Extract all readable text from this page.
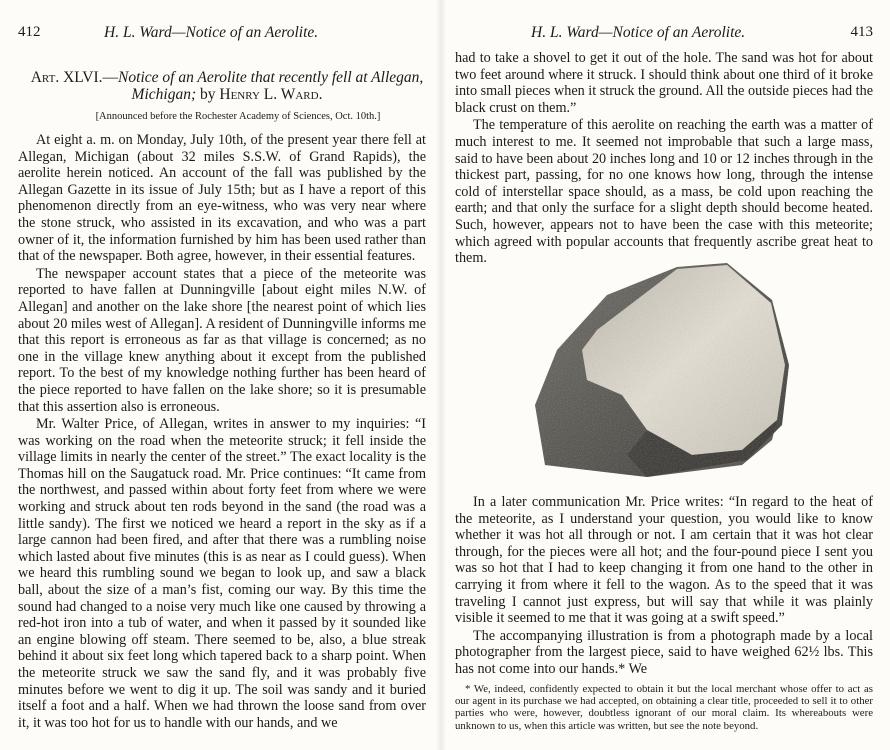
412	H. L. Ward—Notice of an Aerolite.
Art. XLVI.—Notice of an Aerolite that recently fell at Allegan, Michigan; by Henry L. Ward.
[Announced before the Rochester Academy of Sciences, Oct. 10th.]

At eight a. m. on Monday, July 10th, of the present year there fell at Allegan, Michigan (about 32 miles S.S.W. of Grand Rapids), the aerolite herein noticed. An account of the fall was published by the Allegan Gazette in its issue of July 15th; but as I have a report of this phenomenon directly from an eye-witness, who was very near where the stone struck, who assisted in its excavation, and who was a part owner of it, the information furnished by him has been used rather than that of the newspaper. Both agree, however, in their essential features.

The newspaper account states that a piece of the meteorite was reported to have fallen at Dunningville [about eight miles N.W. of Allegan] and another on the lake shore [the nearest point of which lies about 20 miles west of Allegan]. A resident of Dunningville informs me that this report is erroneous as far as that village is concerned; as no one in the village knew anything about it except from the published report. To the best of my knowledge nothing further has been heard of the piece reported to have fallen on the lake shore; so it is presumable that this assertion also is erroneous.

Mr. Walter Price, of Allegan, writes in answer to my inquiries: “I was working on the road when the meteorite struck; it fell inside the village limits in nearly the center of the street.” The exact locality is the Thomas hill on the Saugatuck road. Mr. Price continues: “It came from the northwest, and passed within about forty feet from where we were working and struck about ten rods beyond in the sand (the road was a little sandy). The first we noticed we heard a report in the sky as if a large cannon had been fired, and after that there was a rumbling noise which lasted about five minutes (this is as near as I could guess). When we heard this rumbling sound we began to look up, and saw a black ball, about the size of a man’s fist, coming our way. By this time the sound had changed to a noise very much like one caused by throwing a red-hot iron into a tub of water, and when it passed by it sounded like an engine blowing off steam. There seemed to be, also, a blue streak behind it about six feet long which tapered back to a sharp point. When the meteorite struck we saw the sand fly, and it was probably five minutes before we went to dig it up. The soil was sandy and it buried itself a foot and a half. When we had thrown the loose sand from over it, it was too hot for us to handle with our hands, and we

H. L. Ward—Notice of an Aerolite.	413

had to take a shovel to get it out of the hole. The sand was hot for about two feet around where it struck. I should think about one third of it broke into small pieces when it struck the ground. All the outside pieces had the black crust on them.”

The temperature of this aerolite on reaching the earth was a matter of much interest to me. It seemed not improbable that such a large mass, said to have been about 20 inches long and 10 or 12 inches through in the thickest part, passing, for no one knows how long, through the intense cold of interstellar space should, as a mass, be cold upon reaching the earth; and that only the surface for a slight depth should become heated. Such, however, appears not to have been the case with this meteorite; which agreed with popular accounts that frequently ascribe great heat to them.

In a later communication Mr. Price writes: “In regard to the heat of the meteorite, as I understand your question, you would like to know whether it was hot all through or not. I am certain that it was hot clear through, for the pieces were all hot; and the four-pound piece I sent you was so hot that I had to keep changing it from one hand to the other in carrying it from where it fell to the wagon. As to the speed that it was traveling I cannot just express, but will say that while it was plainly visible it seemed to me that it was going at a swift speed.”

The accompanying illustration is from a photograph made by a local photographer from the largest piece, said to have weighed 62½ lbs. This has not come into our hands.* We

* We, indeed, confidently expected to obtain it but the local merchant whose offer to act as our agent in its purchase we had accepted, on obtaining a clear title, proceeded to sell it to other parties who were, however, doubtless ignorant of our moral claim. Its whereabouts were unknown to us, when this article was written, but see the note beyond.
